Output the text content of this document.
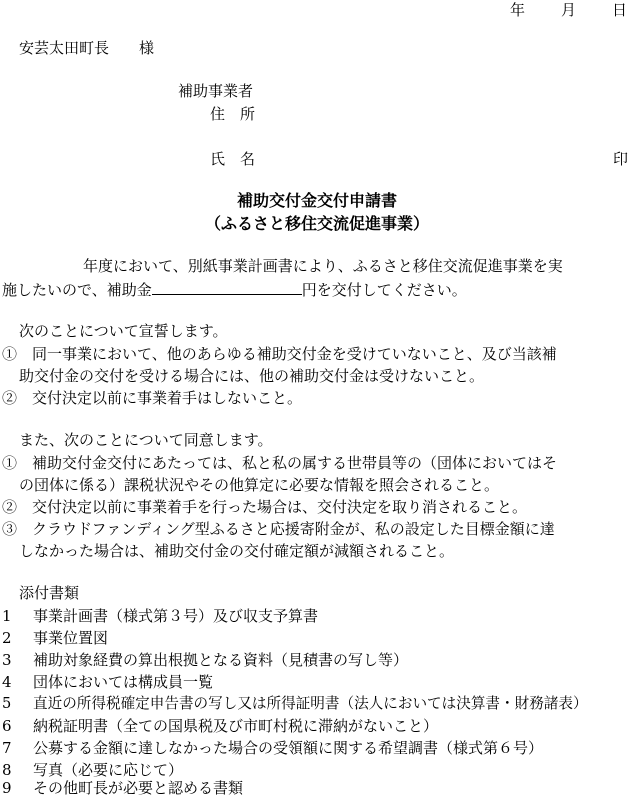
年 月 日
安芸太田町長　　様
補助事業者
住　所
氏　名	印
補助交付金交付申請書
（ふるさと移住交流促進事業）
年度において、別紙事業計画書により、ふるさと移住交流促進事業を実
施したいので、補助金	円を交付してください。
次のことについて宣誓します。
①　同一事業において、他のあらゆる補助交付金を受けていないこと、及び当該補
助交付金の交付を受ける場合には、他の補助交付金は受けないこと。
②　交付決定以前に事業着手はしないこと。
また、次のことについて同意します。
①　補助交付金交付にあたっては、私と私の属する世帯員等の（団体においてはそ
の団体に係る）課税状況やその他算定に必要な情報を照会されること。
②　交付決定以前に事業着手を行った場合は、交付決定を取り消されること。
③　クラウドファンディング型ふるさと応援寄附金が、私の設定した目標金額に達
しなかった場合は、補助交付金の交付確定額が減額されること。
添付書類
1 事業計画書（様式第３号）及び収支予算書
2 事業位置図
3 補助対象経費の算出根拠となる資料（見積書の写し等）
4 団体においては構成員一覧
5 直近の所得税確定申告書の写し又は所得証明書（法人においては決算書・財務諸表）
6 納税証明書（全ての国県税及び市町村税に滞納がないこと）
7 公募する金額に達しなかった場合の受領額に関する希望調書（様式第６号）
8 写真（必要に応じて）
9 その他町長が必要と認める書類
